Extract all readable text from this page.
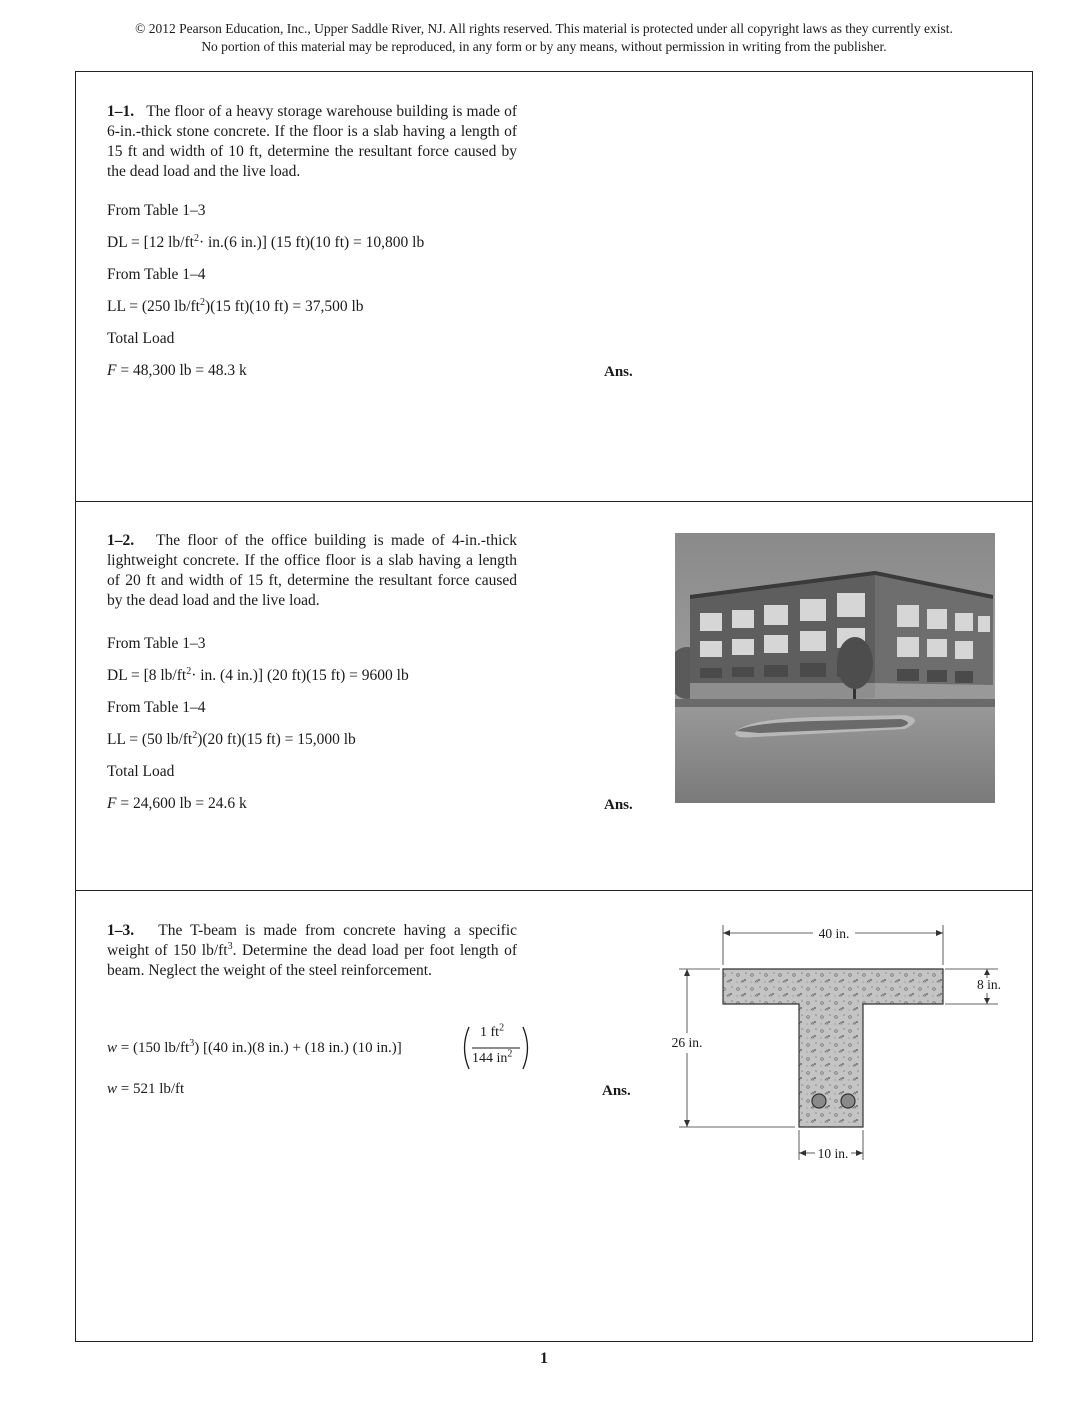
© 2012 Pearson Education, Inc., Upper Saddle River, NJ. All rights reserved. This material is protected under all copyright laws as they currently exist.
No portion of this material may be reproduced, in any form or by any means, without permission in writing from the publisher.
1–1. The floor of a heavy storage warehouse building is made of 6-in.-thick stone concrete. If the floor is a slab having a length of 15 ft and width of 10 ft, determine the resultant force caused by the dead load and the live load.
From Table 1–3
DL = [12 $lb/ft^2\cdot in.(6$ in.)] (15 ft)(10 ft) = 10,800 lb
From Table 1–4
LL = (250 $lb/ft^2)(15$ ft)(10 ft) = 37,500 lb
Total Load
F = 48,300 lb = 48.3 k	Ans.
1–2. The floor of the office building is made of 4-in.-thick lightweight concrete. If the office floor is a slab having a length of 20 ft and width of 15 ft, determine the resultant force caused by the dead load and the live load.
From Table 1–3
DL = [8 $lb/ft^2\cdot$ in. (4 in.)] (20 ft)(15 ft) = 9600 lb
From Table 1–4
LL = (50 $lb/ft^2)(20$ ft)(15 ft) = 15,000 lb
Total Load
F = 24,600 lb = 24.6 k	Ans.
1–3. The T-beam is made from concrete having a specific weight of 150 $lb/ft^3$. Determine the dead load per foot length of beam. Neglect the weight of the steel reinforcement.
w = (150 $lb/ft^3$) [(40 in.)(8 in.) + (18 in.) (10 in.)]
1 $ft^2$
144 $in^2$
w = 521 lb/ft	Ans.
40 in.
8 in.
26 in.
10 in.
1
